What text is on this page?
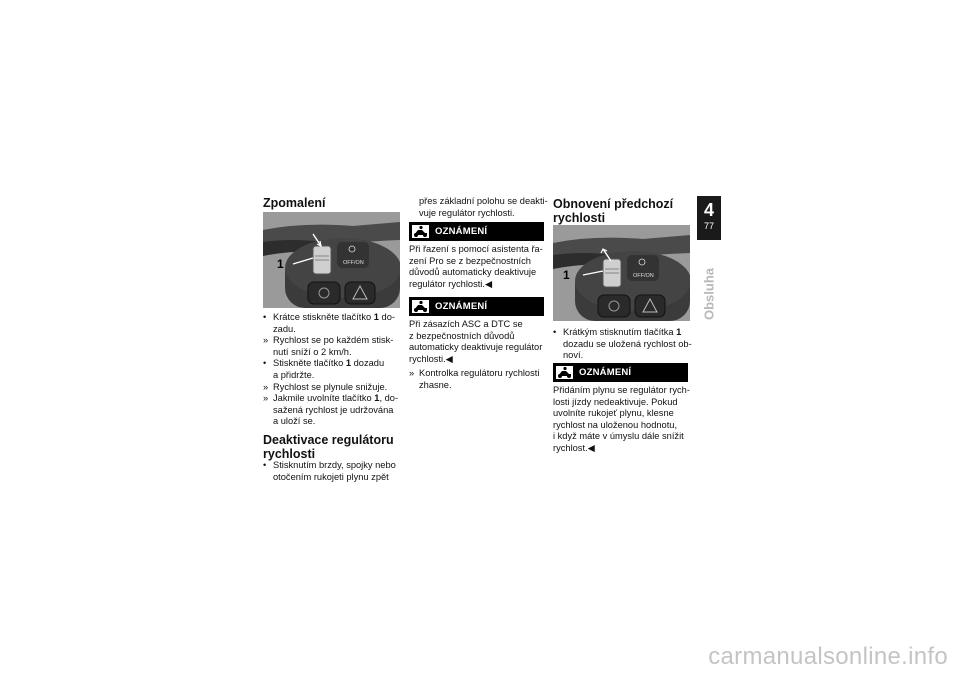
Zpomalení
OFF/ON
1
• Krátce stiskněte tlačítko 1 do-
zadu.
» Rychlost se po každém stisk-
nutí sníží o 2 km/h.
• Stiskněte tlačítko 1 dozadu
a přidržte.
» Rychlost se plynule snižuje.
» Jakmile uvolníte tlačítko 1, do-
sažená rychlost je udržována
a uloží se.
Deaktivace regulátoru rychlosti
• Stisknutím brzdy, spojky nebo
otočením rukojeti plynu zpět

přes základní polohu se deakti-
vuje regulátor rychlosti.

OZNÁMENÍ

Při řazení s pomocí asistenta řa-
zení Pro se z bezpečnostních
důvodů automaticky deaktivuje
regulátor rychlosti.◀

OZNÁMENÍ

Při zásazích ASC a DTC se
z bezpečnostních důvodů
automaticky deaktivuje regulátor
rychlosti.◀

» Kontrolka regulátoru rychlosti
zhasne.
Obnovení předchozí rychlosti
OFF/ON
1
• Krátkým stisknutím tlačítka 1
dozadu se uložená rychlost ob-
noví.
OZNÁMENÍ

Přidáním plynu se regulátor rych-
losti jízdy nedeaktivuje. Pokud
uvolníte rukojeť plynu, klesne
rychlost na uloženou hodnotu,
i když máte v úmyslu dále snížit
rychlost.◀

4
77
Obsluha
carmanualsonline.info
